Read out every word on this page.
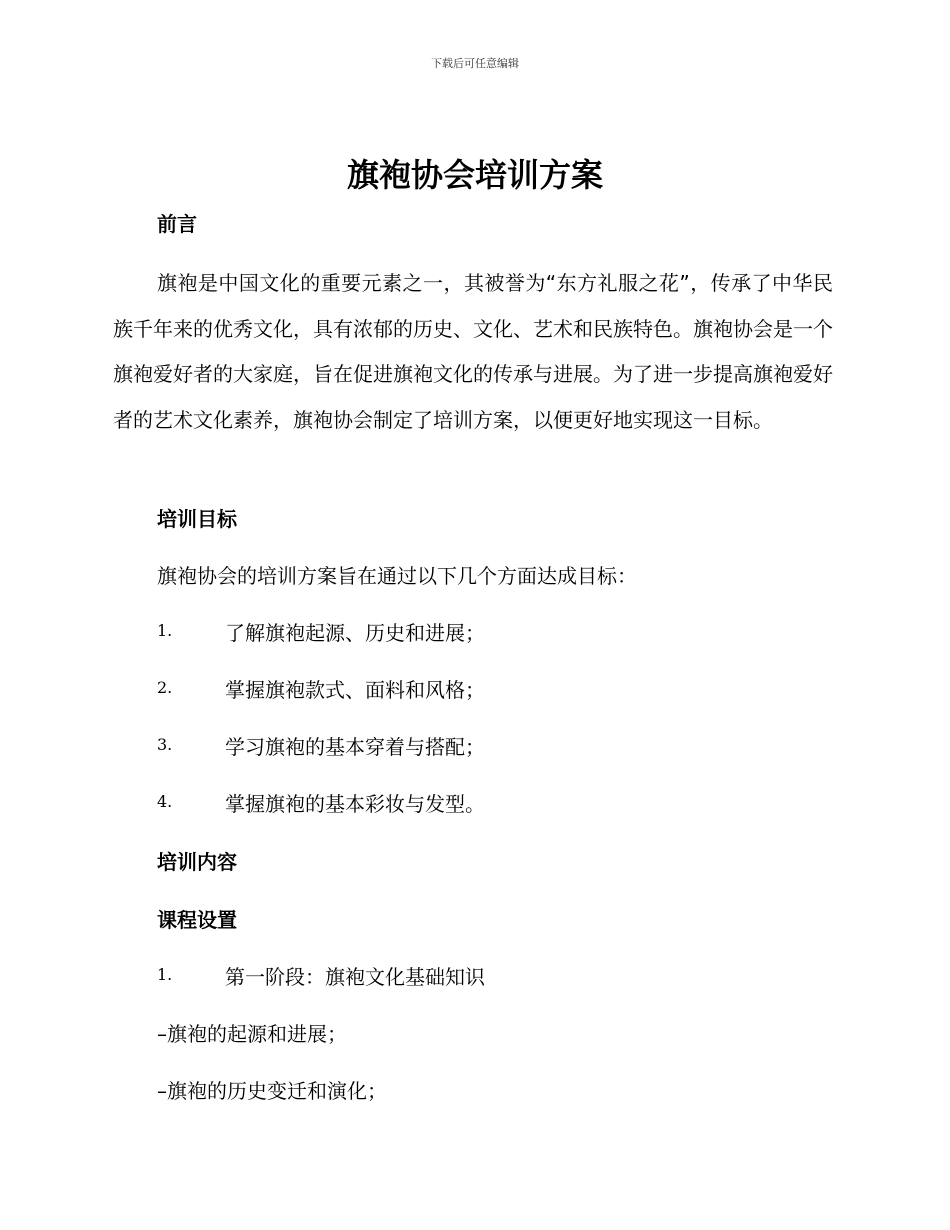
下载后可任意编辑
旗袍协会培训方案
前言
旗袍是中国文化的重要元素之一，其被誉为“东方礼服之花”，传承了中华民族千年来的优秀文化，具有浓郁的历史、文化、艺术和民族特色。旗袍协会是一个旗袍爱好者的大家庭，旨在促进旗袍文化的传承与进展。为了进一步提高旗袍爱好者的艺术文化素养，旗袍协会制定了培训方案，以便更好地实现这一目标。
培训目标
旗袍协会的培训方案旨在通过以下几个方面达成目标：
1.	了解旗袍起源、历史和进展；
2.	掌握旗袍款式、面料和风格；
3.	学习旗袍的基本穿着与搭配；
4.	掌握旗袍的基本彩妆与发型。
培训内容
课程设置
1.	第一阶段：旗袍文化基础知识
–旗袍的起源和进展；
–旗袍的历史变迁和演化；
